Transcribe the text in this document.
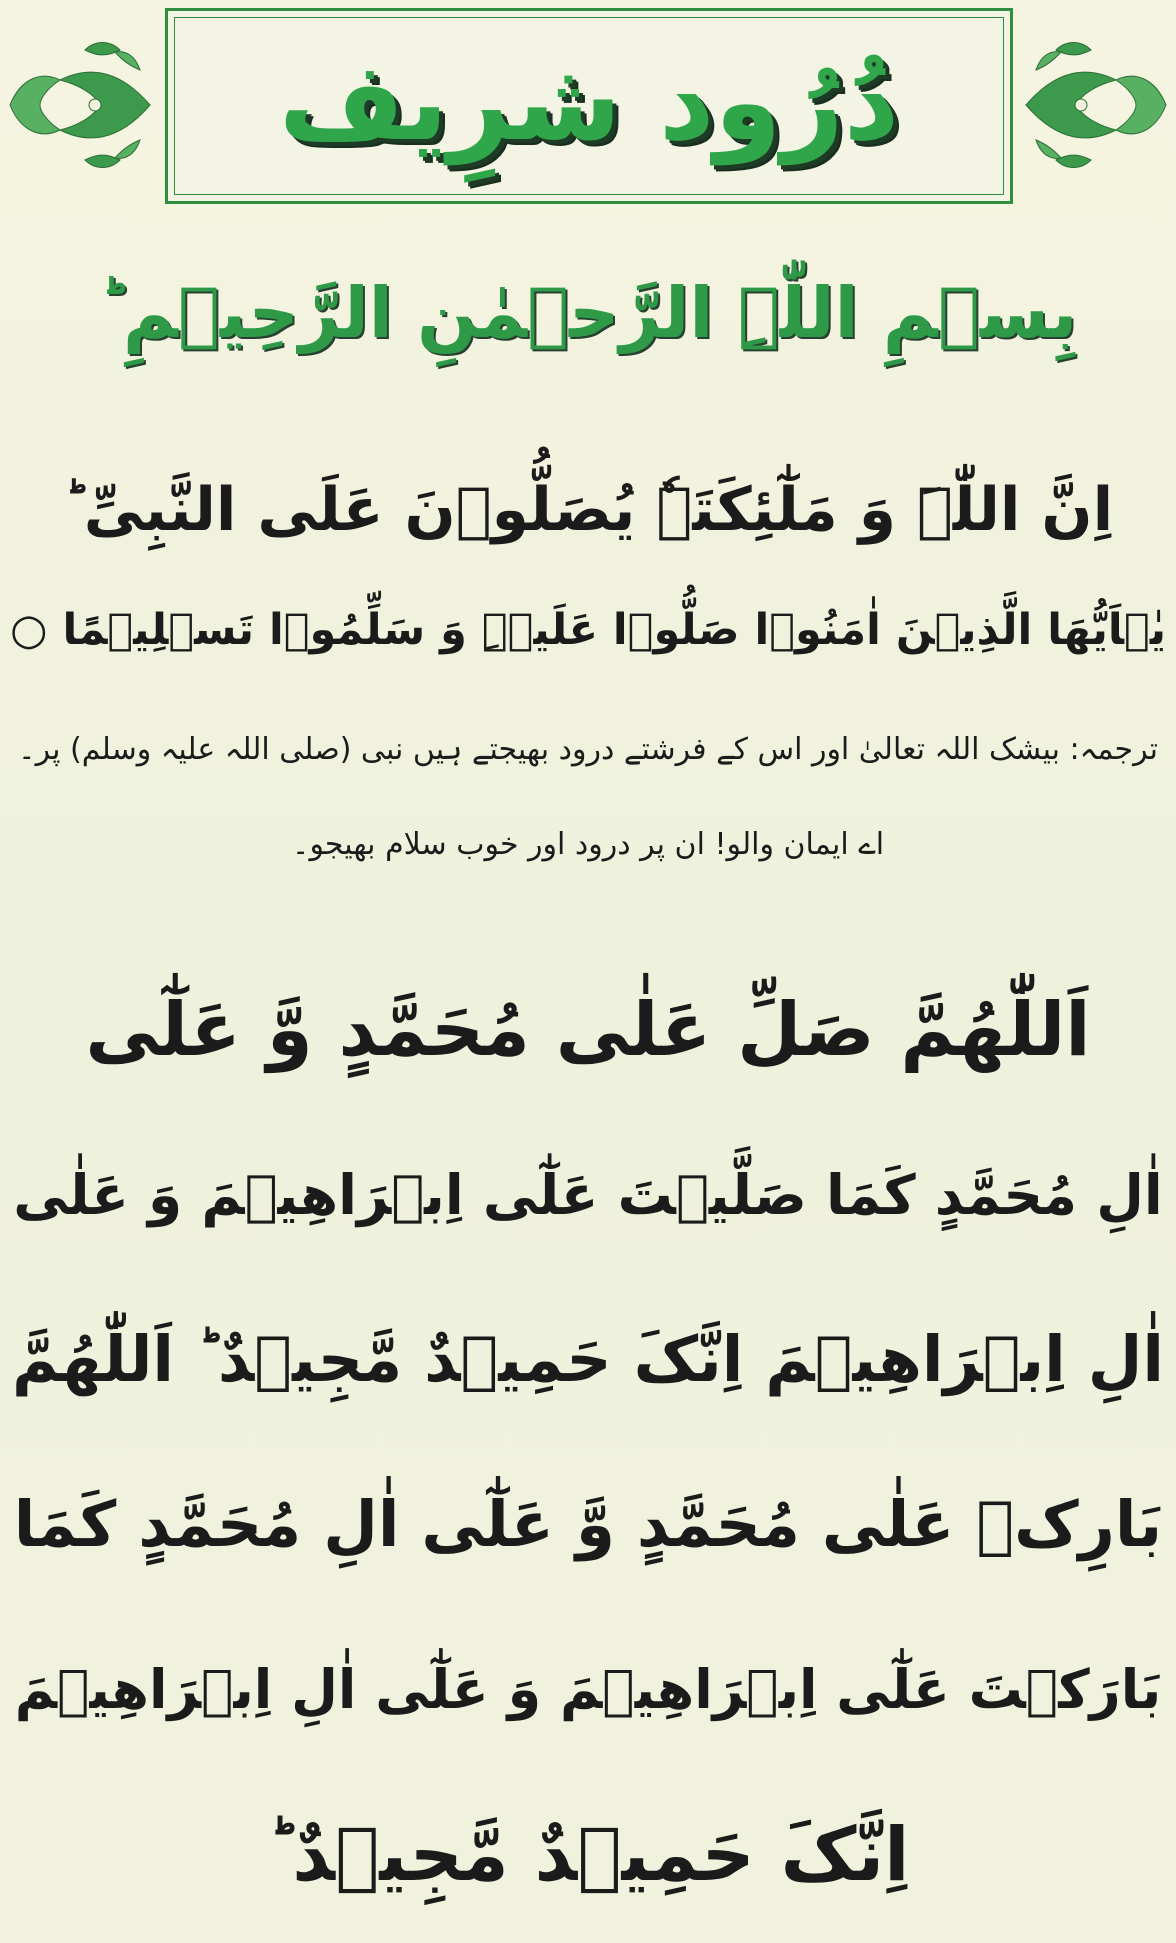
دُرُود شرِیف
بِسۡمِ اللّٰہِ الرَّحۡمٰنِ الرَّحِیۡمِ ؕ
اِنَّ اللّٰہَ وَ مَلٰٓئِکَتَہٗ یُصَلُّوۡنَ عَلَی النَّبِیِّ ؕ
یٰۤاَیُّھَا الَّذِیۡنَ اٰمَنُوۡا صَلُّوۡا عَلَیۡہِ وَ سَلِّمُوۡا تَسۡلِیۡمًا ○
ترجمہ: بیشک اللہ تعالیٰ اور اس کے فرشتے درود بھیجتے ہیں نبی (صلی اللہ علیہ وسلم) پر۔
اے ایمان والو! ان پر درود اور خوب سلام بھیجو۔
اَللّٰھُمَّ صَلِّ عَلٰی مُحَمَّدٍ وَّ عَلٰٓی
اٰلِ مُحَمَّدٍ کَمَا صَلَّیۡتَ عَلٰٓی اِبۡرَاھِیۡمَ وَ عَلٰی
اٰلِ اِبۡرَاھِیۡمَ اِنَّکَ حَمِیۡدٌ مَّجِیۡدٌ ؕ اَللّٰھُمَّ
بَارِکۡ عَلٰی مُحَمَّدٍ وَّ عَلٰٓی اٰلِ مُحَمَّدٍ کَمَا
بَارَکۡتَ عَلٰٓی اِبۡرَاھِیۡمَ وَ عَلٰٓی اٰلِ اِبۡرَاھِیۡمَ
اِنَّکَ حَمِیۡدٌ مَّجِیۡدٌ ؕ
